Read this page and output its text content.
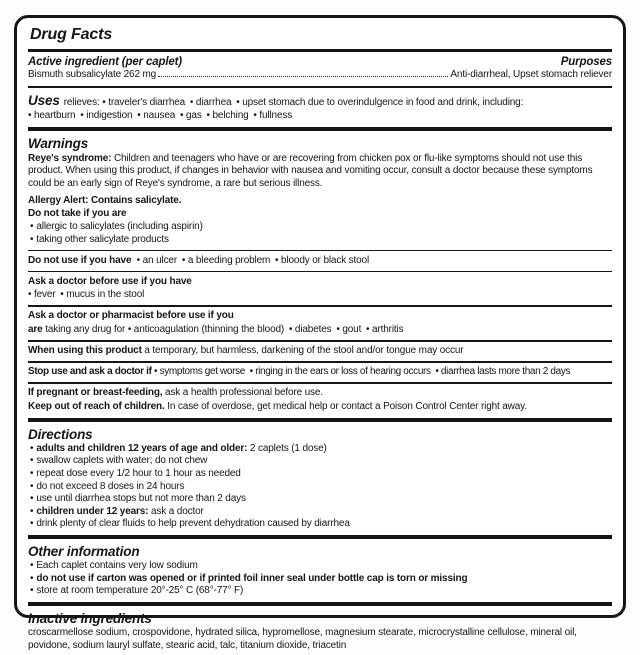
Drug Facts
Active ingredient (per caplet)	Purposes
Bismuth subsalicylate 262 mg	Anti-diarrheal, Upset stomach reliever
Uses relieves: • traveler's diarrhea • diarrhea • upset stomach due to overindulgence in food and drink, including:
• heartburn • indigestion • nausea • gas • belching • fullness
Warnings
Reye's syndrome: Children and teenagers who have or are recovering from chicken pox or flu-like symptoms should not use this product. When using this product, if changes in behavior with nausea and vomiting occur, consult a doctor because these symptoms could be an early sign of Reye's syndrome, a rare but serious illness.
Allergy Alert: Contains salicylate.
Do not take if you are
• allergic to salicylates (including aspirin)
• taking other salicylate products
Do not use if you have • an ulcer • a bleeding problem • bloody or black stool
Ask a doctor before use if you have
• fever • mucus in the stool
Ask a doctor or pharmacist before use if you
are taking any drug for • anticoagulation (thinning the blood) • diabetes • gout • arthritis
When using this product a temporary, but harmless, darkening of the stool and/or tongue may occur
Stop use and ask a doctor if • symptoms get worse • ringing in the ears or loss of hearing occurs • diarrhea lasts more than 2 days
If pregnant or breast-feeding, ask a health professional before use.
Keep out of reach of children. In case of overdose, get medical help or contact a Poison Control Center right away.
Directions
• adults and children 12 years of age and older: 2 caplets (1 dose)
• swallow caplets with water; do not chew
• repeat dose every 1/2 hour to 1 hour as needed
• do not exceed 8 doses in 24 hours
• use until diarrhea stops but not more than 2 days
• children under 12 years: ask a doctor
• drink plenty of clear fluids to help prevent dehydration caused by diarrhea
Other information
• Each caplet contains very low sodium
• do not use if carton was opened or if printed foil inner seal under bottle cap is torn or missing
• store at room temperature 20°-25° C (68°-77° F)
Inactive ingredients
croscarmellose sodium, crospovidone, hydrated silica, hypromellose, magnesium stearate, microcrystalline cellulose, mineral oil, povidone, sodium lauryl sulfate, stearic acid, talc, titanium dioxide, triacetin
